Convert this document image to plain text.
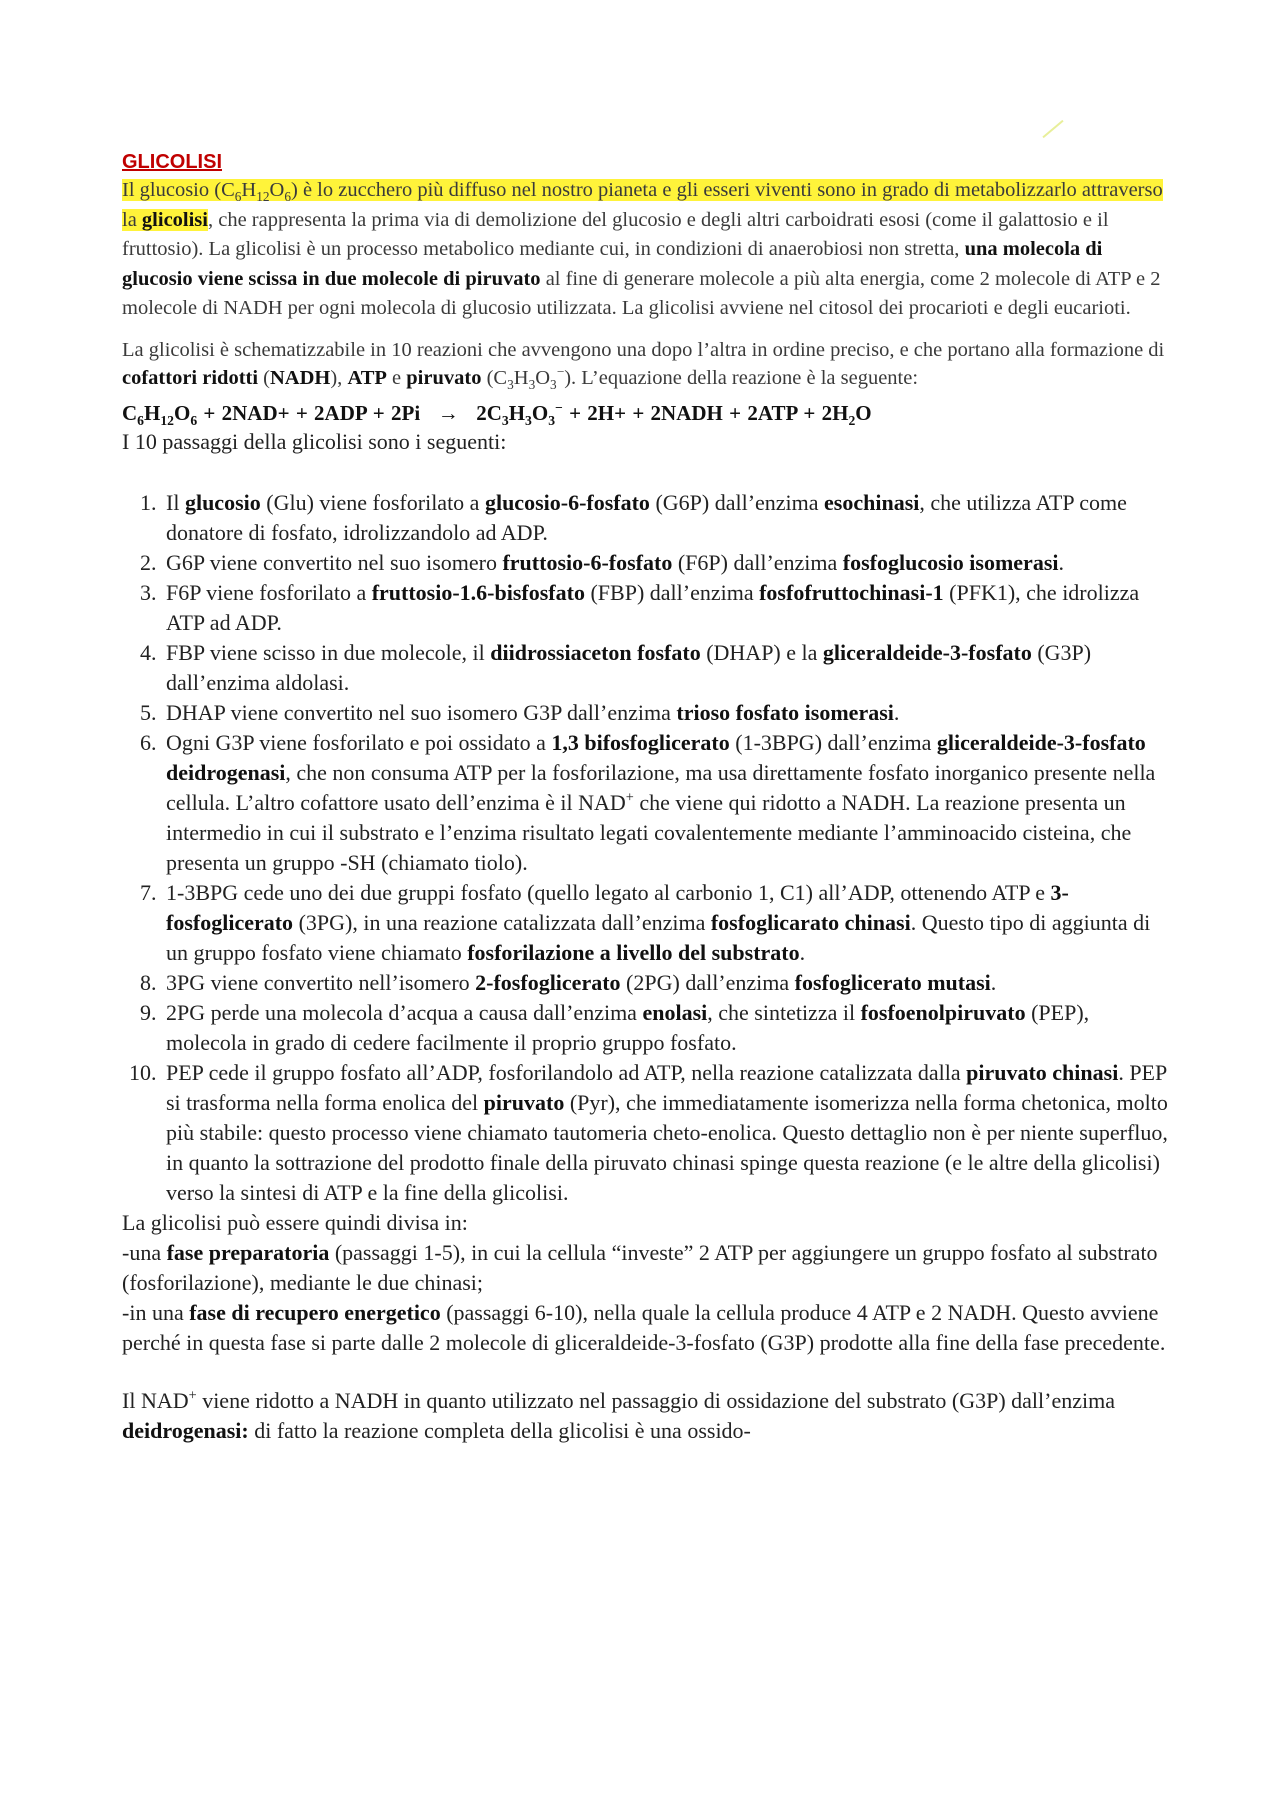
GLICOLISI

Il glucosio $(C_6H_{12}O_6)$ è lo zucchero più diffuso nel nostro pianeta e gli esseri viventi sono in grado di metabolizzarlo attraverso la glicolisi, che rappresenta la prima via di demolizione del glucosio e degli altri carboidrati esosi (come il galattosio e il fruttosio). La glicolisi è un processo metabolico mediante cui, in condizioni di anaerobiosi non stretta, una molecola di glucosio viene scissa in due molecole di piruvato al fine di generare molecole a più alta energia, come 2 molecole di ATP e 2 molecole di NADH per ogni molecola di glucosio utilizzata. La glicolisi avviene nel citosol dei procarioti e degli eucarioti.

La glicolisi è schematizzabile in 10 reazioni che avvengono una dopo l’altra in ordine preciso, e che portano alla formazione di cofattori ridotti (NADH), ATP e piruvato $(C_3H_3O_3^-)$. L’equazione della reazione è la seguente:

$C_6H_{12}O_6 + 2NAD+ + 2ADP + 2Pi \to 2C_3H_3O_3^- + 2H+$ + 2NADH + $2ATP + 2H_2O$

I 10 passaggi della glicolisi sono i seguenti:

1. Il glucosio (Glu) viene fosforilato a glucosio-6-fosfato (G6P) dall’enzima esochinasi, che utilizza ATP come donatore di fosfato, idrolizzandolo ad ADP.
2. G6P viene convertito nel suo isomero fruttosio-6-fosfato (F6P) dall’enzima fosfoglucosio isomerasi.
3. F6P viene fosforilato a fruttosio-1.6-bisfosfato (FBP) dall’enzima fosfofruttochinasi-1 (PFK1), che idrolizza ATP ad ADP.
4. FBP viene scisso in due molecole, il diidrossiaceton fosfato (DHAP) e la gliceraldeide-3-fosfato (G3P) dall’enzima aldolasi.
5. DHAP viene convertito nel suo isomero G3P dall’enzima trioso fosfato isomerasi.
6. Ogni G3P viene fosforilato e poi ossidato a 1,3 bifosfoglicerato (1-3BPG) dall’enzima gliceraldeide-3-fosfato deidrogenasi, che non consuma ATP per la fosforilazione, ma usa direttamente fosfato inorganico presente nella cellula. L’altro cofattore usato dell’enzima è il NAD+ che viene qui ridotto a NADH. La reazione presenta un intermedio in cui il substrato e l’enzima risultato legati covalentemente mediante l’amminoacido cisteina, che presenta un gruppo -SH (chiamato tiolo).
7. 1-3BPG cede uno dei due gruppi fosfato (quello legato al carbonio 1, C1) all’ADP, ottenendo ATP e 3-fosfoglicerato (3PG), in una reazione catalizzata dall’enzima fosfoglicarato chinasi. Questo tipo di aggiunta di un gruppo fosfato viene chiamato fosforilazione a livello del substrato.
8. 3PG viene convertito nell’isomero 2-fosfoglicerato (2PG) dall’enzima fosfoglicerato mutasi.
9. 2PG perde una molecola d’acqua a causa dall’enzima enolasi, che sintetizza il fosfoenolpiruvato (PEP), molecola in grado di cedere facilmente il proprio gruppo fosfato.
10. PEP cede il gruppo fosfato all’ADP, fosforilandolo ad ATP, nella reazione catalizzata dalla piruvato chinasi. PEP si trasforma nella forma enolica del piruvato (Pyr), che immediatamente isomerizza nella forma chetonica, molto più stabile: questo processo viene chiamato tautomeria cheto-enolica. Questo dettaglio non è per niente superfluo, in quanto la sottrazione del prodotto finale della piruvato chinasi spinge questa reazione (e le altre della glicolisi) verso la sintesi di ATP e la fine della glicolisi.

La glicolisi può essere quindi divisa in:

-una fase preparatoria (passaggi 1-5), in cui la cellula “investe” 2 ATP per aggiungere un gruppo fosfato al substrato (fosforilazione), mediante le due chinasi;

-in una fase di recupero energetico (passaggi 6-10), nella quale la cellula produce 4 ATP e 2 NADH. Questo avviene perché in questa fase si parte dalle 2 molecole di gliceraldeide-3-fosfato (G3P) prodotte alla fine della fase precedente.

Il NAD+ viene ridotto a NADH in quanto utilizzato nel passaggio di ossidazione del substrato (G3P) dall’enzima deidrogenasi: di fatto la reazione completa della glicolisi è una ossido-
